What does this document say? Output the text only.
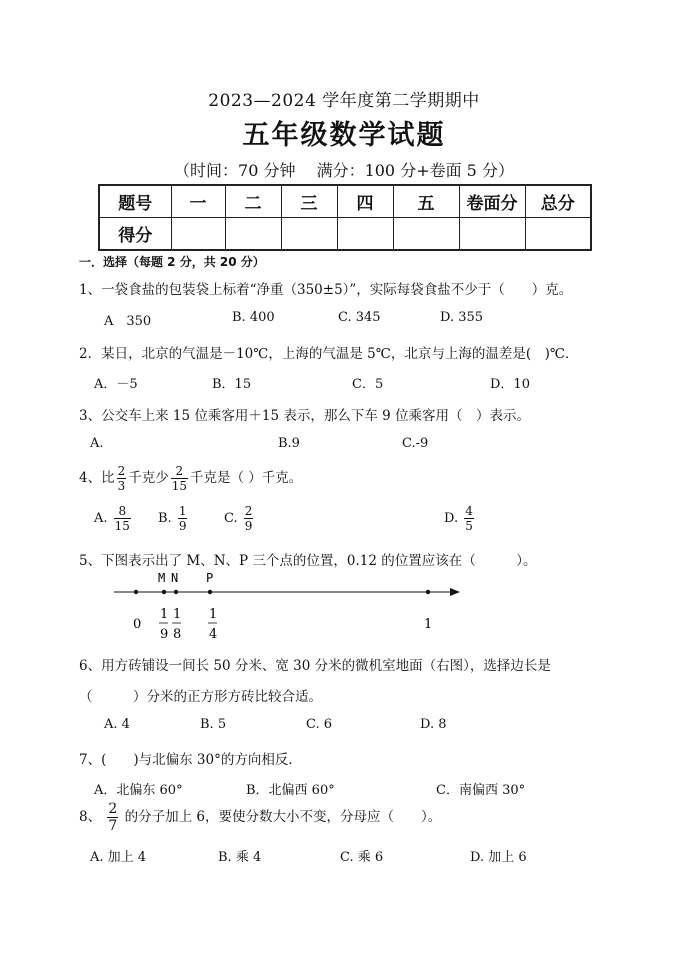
2023—2024 学年度第二学期期中
五年级数学试题
（时间：70 分钟　 满分：100 分+卷面 5 分）
题号	一	二	三	四	五	卷面分	总分
得分							
一．选择（每题 2 分，共 20 分）
1、一袋食盐的包装袋上标着“净重（350±5）”，实际每袋食盐不少于（　　）克。
A　350	B. 400	C. 345	D. 355
2．某日，北京的气温是－10℃，上海的气温是 5℃，北京与上海的温差是(　)℃．
A．－5	B．15	C．5	D．10
3、公交车上来 15 位乘客用＋15 表示，那么下车 9 位乘客用（　）表示。
A.	B.9	C.-9
4、比 $\frac{2}{3}$ 千克少 $\frac{2}{15}$ 千克是（ ）千克。
A. $\frac{8}{15} B$. $\frac{1}{9}$	C. $\frac{2}{9}$	D. $\frac{4}{5}$
5、下图表示出了 M、N、P 三个点的位置，0.12 的位置应该在（　　　）。
M N P
0
1
9
1
8
1
4
1
6、用方砖铺设一间长 50 分米、宽 30 分米的微机室地面（右图），选择边长是
（　　　）分米的正方形方砖比较合适。
A. 4	B. 5	C. 6	D. 8
7、(　　)与北偏东 30°的方向相反．
A．北偏东 60°	B．北偏西 60°	C．南偏西 30°
8、 $\frac{2}{7}$ 的分子加上 6，要使分数大小不变，分母应（　　）。
A. 加上 4	B. 乘 4	C. 乘 6	D. 加上 6
